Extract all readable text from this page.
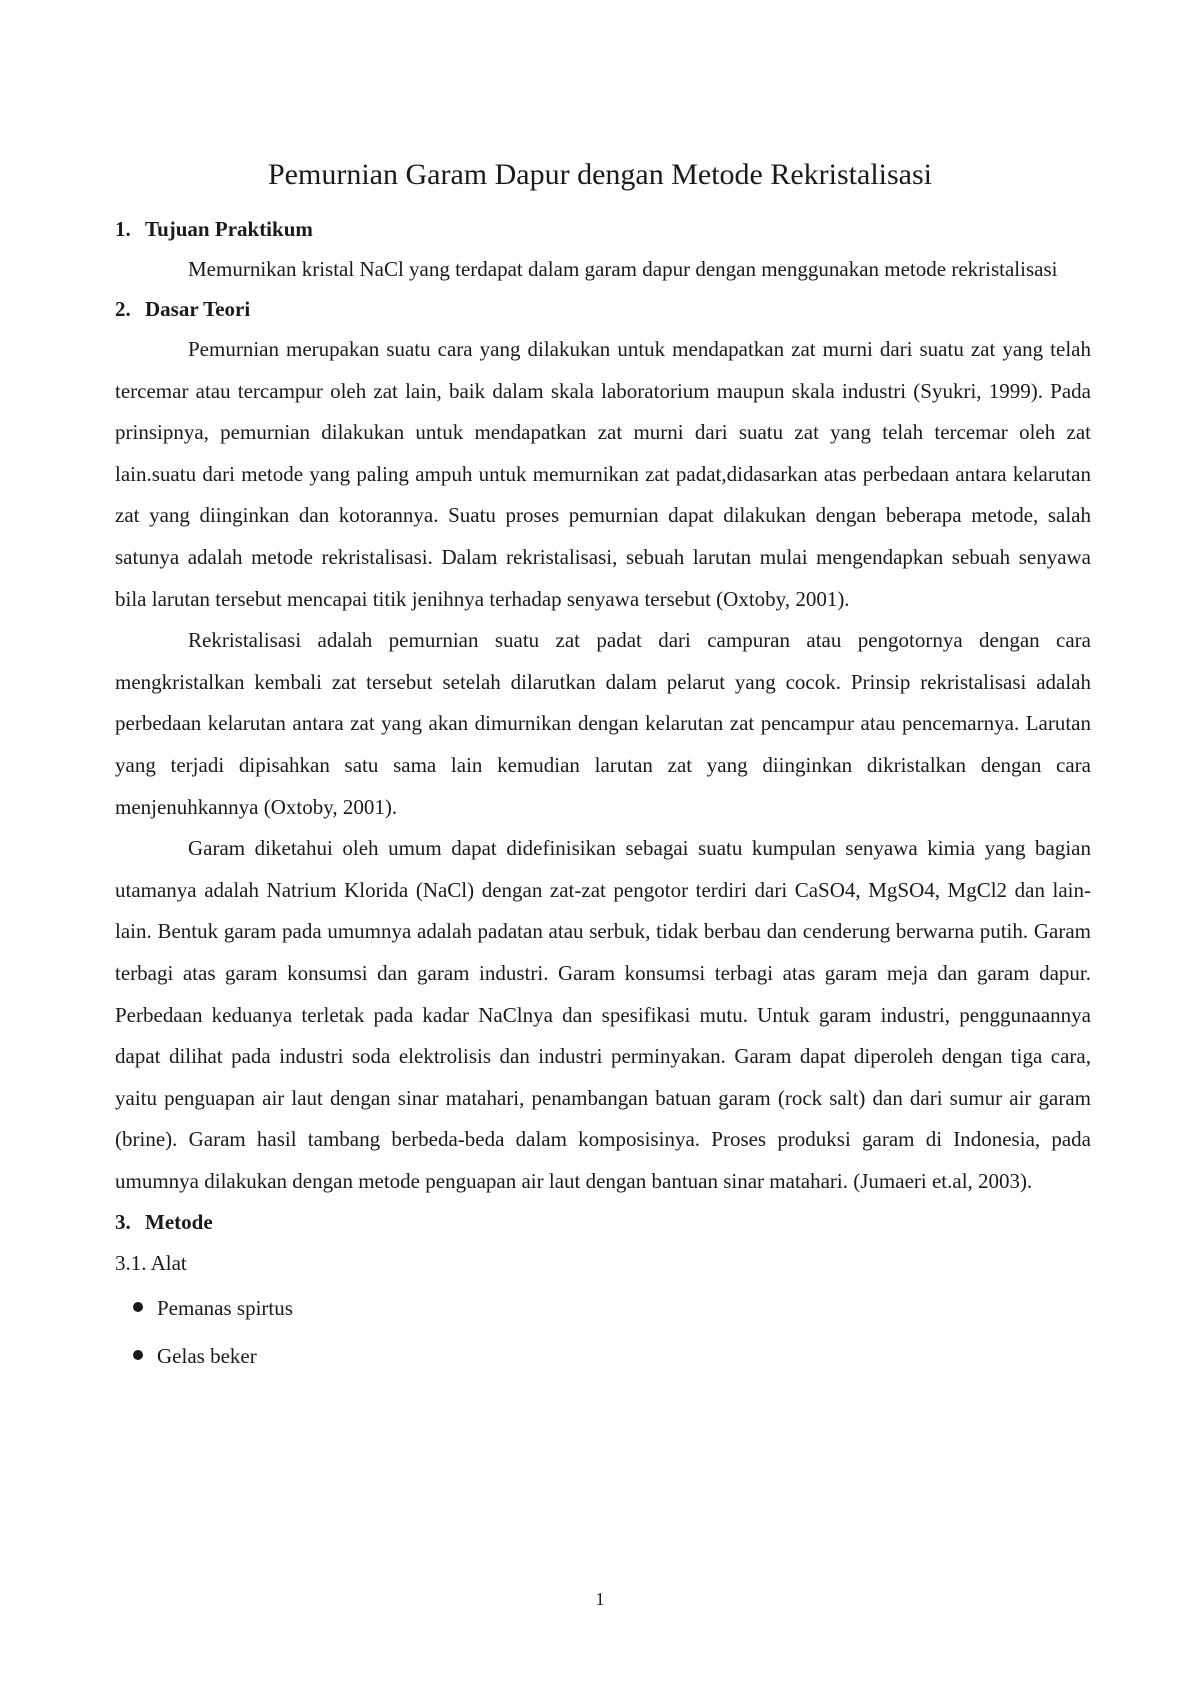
Pemurnian Garam Dapur dengan Metode Rekristalisasi
1. Tujuan Praktikum

Memurnikan kristal NaCl yang terdapat dalam garam dapur dengan menggunakan metode rekristalisasi

2. Dasar Teori

Pemurnian merupakan suatu cara yang dilakukan untuk mendapatkan zat murni dari suatu zat yang telah tercemar atau tercampur oleh zat lain, baik dalam skala laboratorium maupun skala industri (Syukri, 1999). Pada prinsipnya, pemurnian dilakukan untuk mendapatkan zat murni dari suatu zat yang telah tercemar oleh zat lain.suatu dari metode yang paling ampuh untuk memurnikan zat padat,didasarkan atas perbedaan antara kelarutan zat yang diinginkan dan kotorannya. Suatu proses pemurnian dapat dilakukan dengan beberapa metode, salah satunya adalah metode rekristalisasi. Dalam rekristalisasi, sebuah larutan mulai mengendapkan sebuah senyawa bila larutan tersebut mencapai titik jenihnya terhadap senyawa tersebut (Oxtoby, 2001).

Rekristalisasi adalah pemurnian suatu zat padat dari campuran atau pengotornya dengan cara mengkristalkan kembali zat tersebut setelah dilarutkan dalam pelarut yang cocok. Prinsip rekristalisasi adalah perbedaan kelarutan antara zat yang akan dimurnikan dengan kelarutan zat pencampur atau pencemarnya. Larutan yang terjadi dipisahkan satu sama lain kemudian larutan zat yang diinginkan dikristalkan dengan cara menjenuhkannya (Oxtoby, 2001).

Garam diketahui oleh umum dapat didefinisikan sebagai suatu kumpulan senyawa kimia yang bagian utamanya adalah Natrium Klorida (NaCl) dengan zat-zat pengotor terdiri dari CaSO4, MgSO4, MgCl2 dan lain-lain. Bentuk garam pada umumnya adalah padatan atau serbuk, tidak berbau dan cenderung berwarna putih. Garam terbagi atas garam konsumsi dan garam industri. Garam konsumsi terbagi atas garam meja dan garam dapur. Perbedaan keduanya terletak pada kadar NaClnya dan spesifikasi mutu. Untuk garam industri, penggunaannya dapat dilihat pada industri soda elektrolisis dan industri perminyakan. Garam dapat diperoleh dengan tiga cara, yaitu penguapan air laut dengan sinar matahari, penambangan batuan garam (rock salt) dan dari sumur air garam (brine). Garam hasil tambang berbeda-beda dalam komposisinya. Proses produksi garam di Indonesia, pada umumnya dilakukan dengan metode penguapan air laut dengan bantuan sinar matahari. (Jumaeri et.al, 2003).

3. Metode
3.1. Alat
Pemanas spirtus
Gelas beker
1
